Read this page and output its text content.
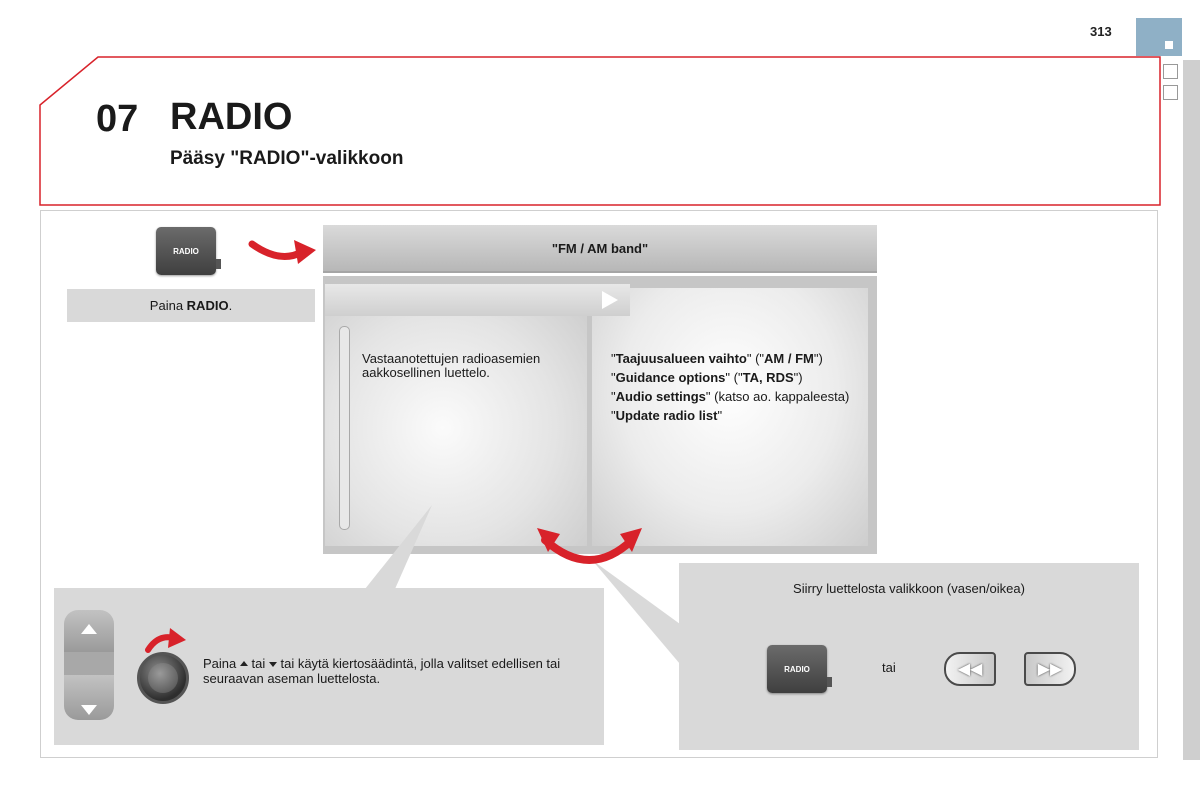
313
07 RADIO
Pääsy "RADIO"-valikkoon
RADIO
Paina RADIO .
"FM / AM band"
Vastaanotettujen radioasemien aakkosellinen luettelo.
"Taajuusalueen vaihto" ("AM / FM")
"Guidance options" ("TA, RDS")
"Audio settings" (katso ao. kappaleesta)
"Update radio list"
Paina tai tai käytä kiertosäädintä, jolla valitset edellisen tai seuraavan aseman luettelosta.
Siirry luettelosta valikkoon (vasen/oikea)
RADIO	tai	◀◀	▶▶
